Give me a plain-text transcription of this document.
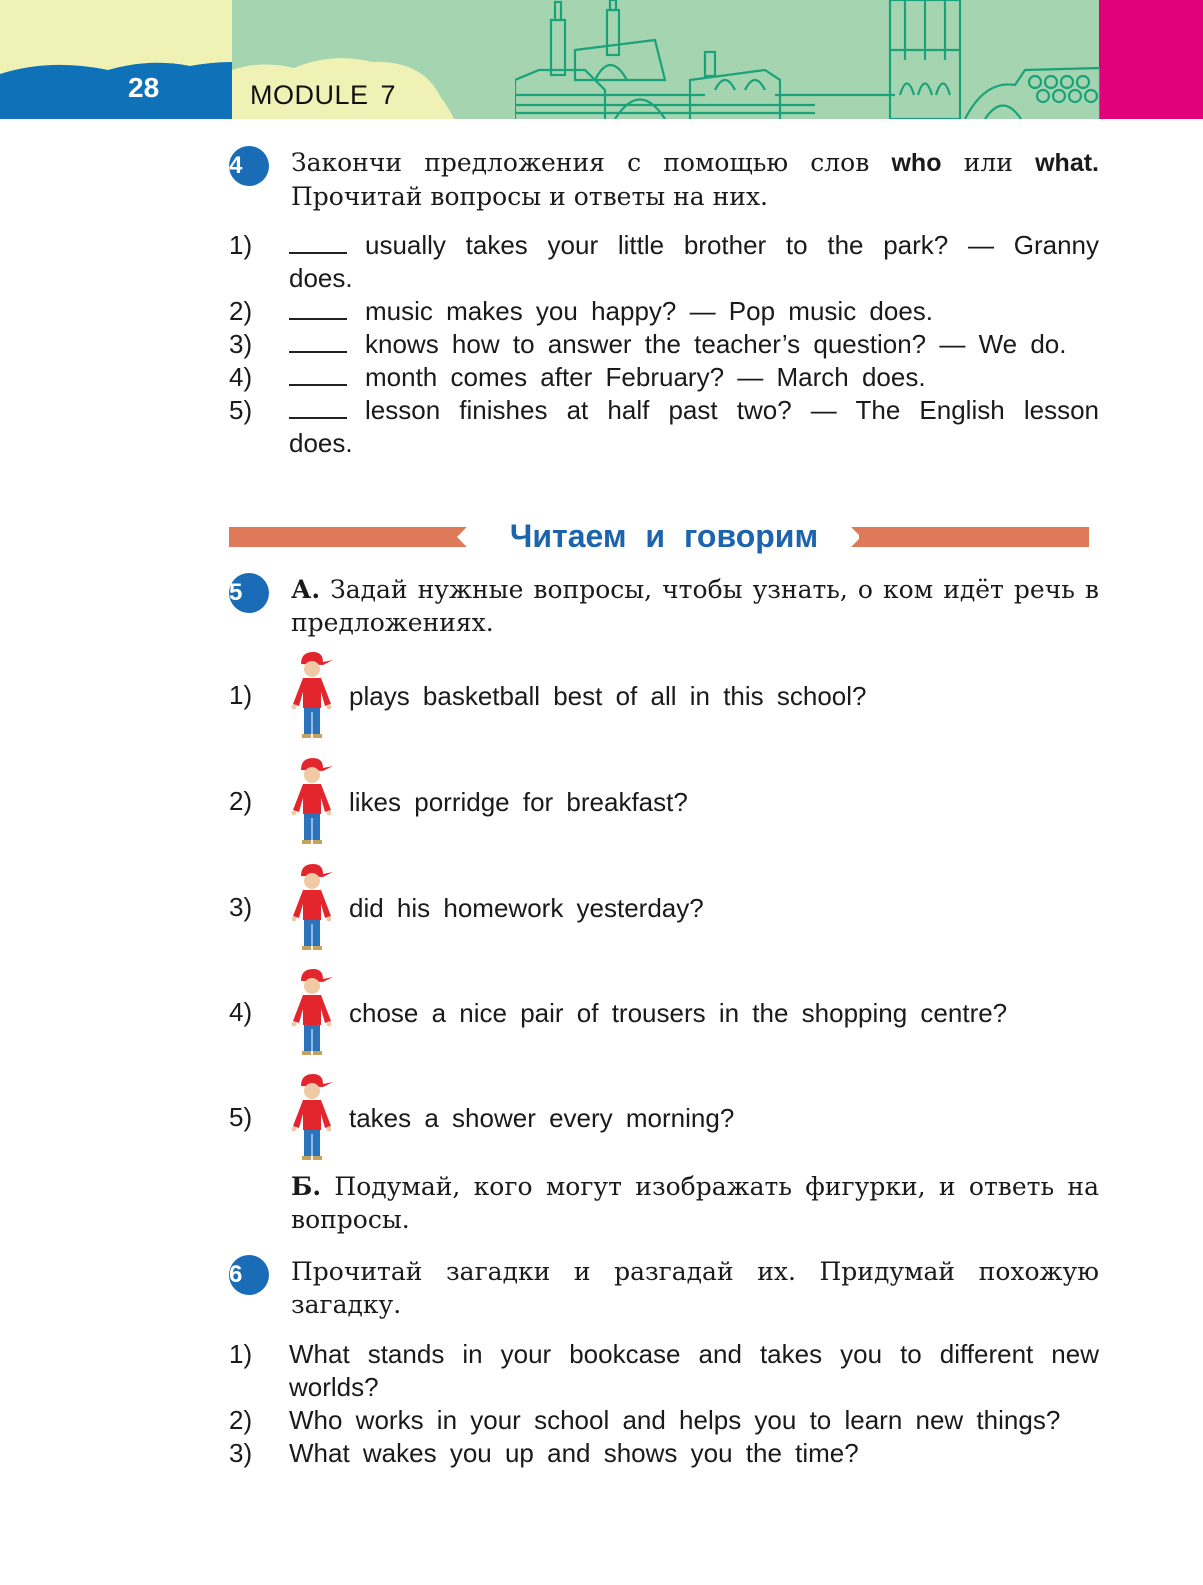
28	MODULE 7
4	Закончи предложения с помощью слов who или what. Прочитай вопросы и ответы на них.
1)	usually takes your little brother to the park? — Granny does.
2)	music makes you happy? — Pop music does.
3)	knows how to answer the teacher’s question? — We do.
4)	month comes after February? — March does.
5)	lesson finishes at half past two? — The English lesson does.
Читаем и говорим
5	А. Задай нужные вопросы, чтобы узнать, о ком идёт речь в предложениях.
1)	plays basketball best of all in this school?
2)	likes porridge for breakfast?
3)	did his homework yesterday?
4)	chose a nice pair of trousers in the shopping centre?
5)	takes a shower every morning?
Б. Подумай, кого могут изображать фигурки, и ответь на вопросы.
6	Прочитай загадки и разгадай их. Придумай похожую загадку.
1) What stands in your bookcase and takes you to different new worlds?
2) Who works in your school and helps you to learn new things?
3) What wakes you up and shows you the time?
